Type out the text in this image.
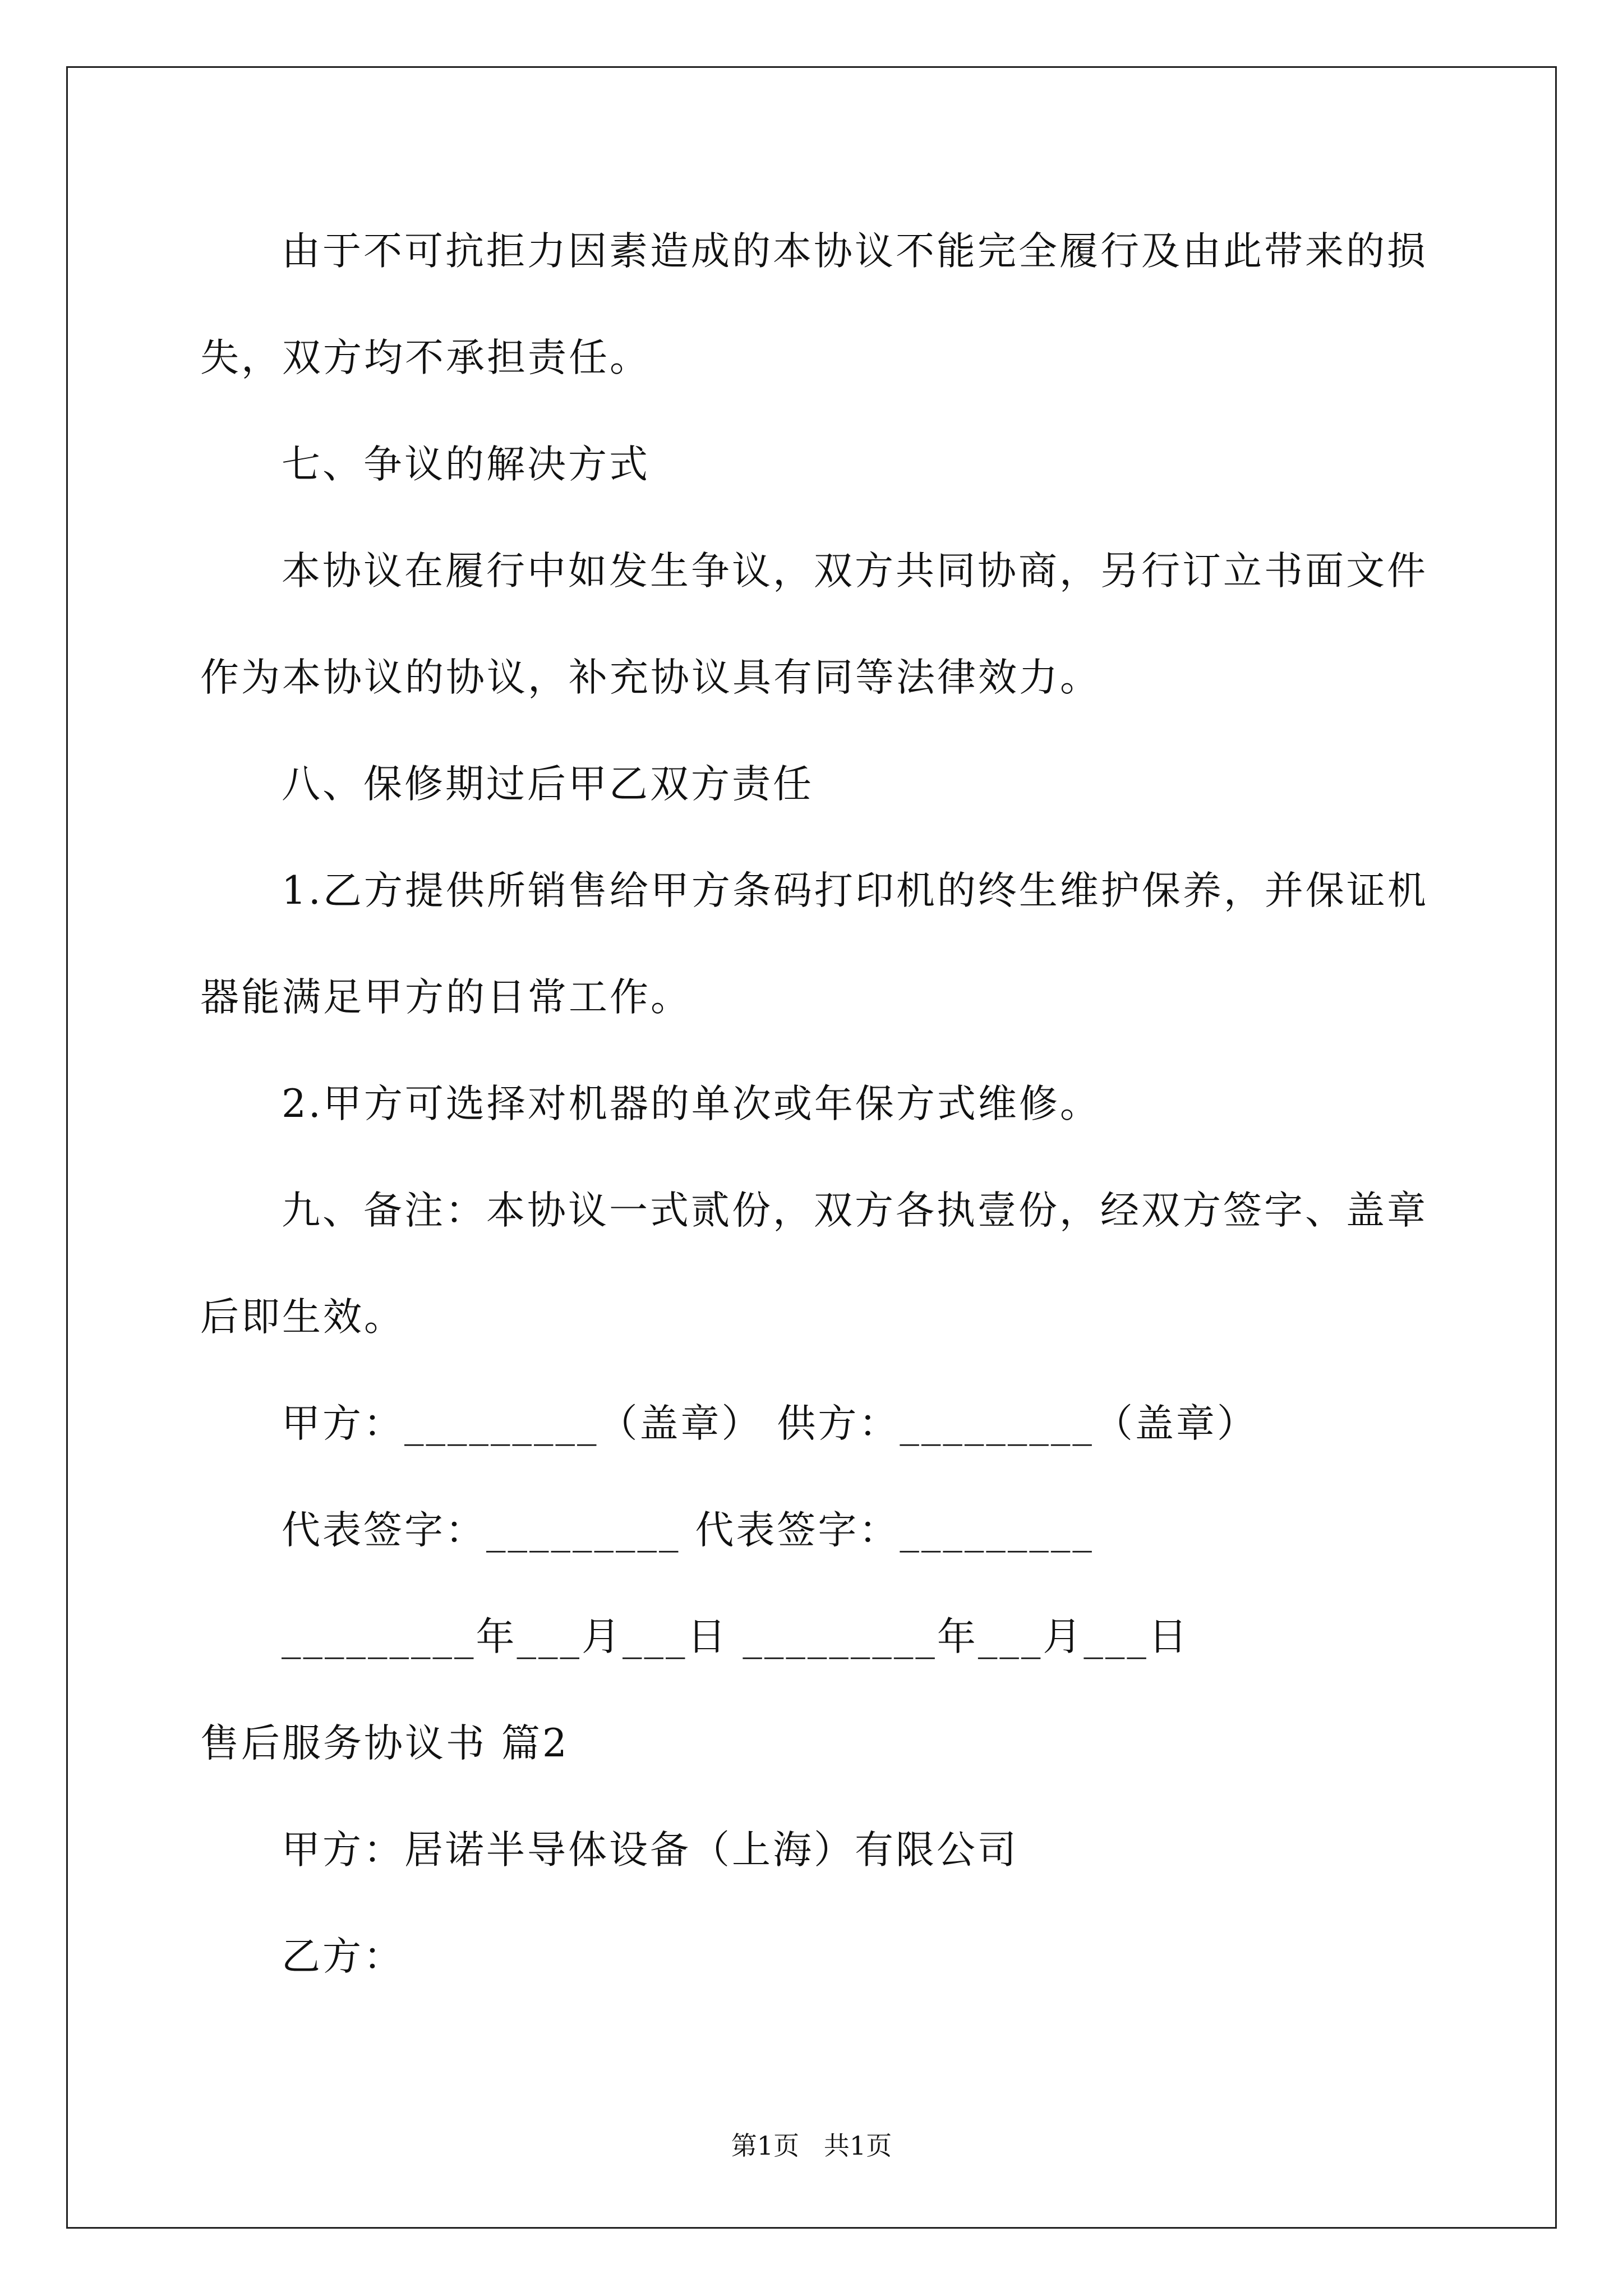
由于不可抗拒力因素造成的本协议不能完全履行及由此带来的损
失，双方均不承担责任。
七、争议的解决方式
本协议在履行中如发生争议，双方共同协商，另行订立书面文件
作为本协议的协议，补充协议具有同等法律效力。
八、保修期过后甲乙双方责任
1.乙方提供所销售给甲方条码打印机的终生维护保养，并保证机
器能满足甲方的日常工作。
2.甲方可选择对机器的单次或年保方式维修。
九、备注：本协议一式贰份，双方各执壹份，经双方签字、盖章
后即生效。
甲方：_________（盖章） 供方：_________（盖章）
代表签字：_________ 代表签字：_________
_________年___月___日 _________年___月___日
售后服务协议书 篇2
甲方：居诺半导体设备（上海）有限公司
乙方：
第1页   共1页
